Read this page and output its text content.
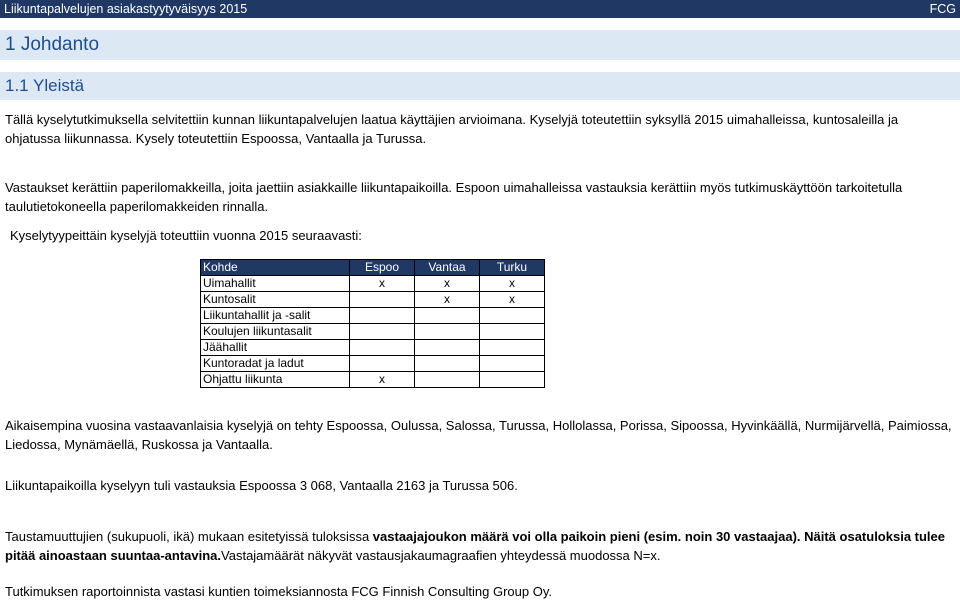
Liikuntapalvelujen asiakastyytyväisyys 2015	FCG
1 Johdanto
1.1 Yleistä
Tällä kyselytutkimuksella selvitettiin kunnan liikuntapalvelujen laatua käyttäjien arvioimana. Kyselyjä toteutettiin syksyllä 2015 uimahalleissa, kuntosaleilla ja ohjatussa liikunnassa. Kysely toteutettiin Espoossa, Vantaalla ja Turussa.
Vastaukset kerättiin paperilomakkeilla, joita jaettiin asiakkaille liikuntapaikoilla. Espoon uimahalleissa vastauksia kerättiin myös tutkimuskäyttöön tarkoitetulla taulutietokoneella paperilomakkeiden rinnalla.
Kyselytyypeittäin kyselyjä toteuttiin vuonna 2015 seuraavasti:
Kohde	Espoo	Vantaa	Turku
Uimahallit	x	x	x
Kuntosalit		x	x
Liikuntahallit ja -salit			
Koulujen liikuntasalit			
Jäähallit			
Kuntoradat ja ladut			
Ohjattu liikunta	x		
Aikaisempina vuosina vastaavanlaisia kyselyjä on tehty Espoossa, Oulussa, Salossa, Turussa, Hollolassa, Porissa, Sipoossa, Hyvinkäällä, Nurmijärvellä, Paimiossa, Liedossa, Mynämäellä, Ruskossa ja Vantaalla.
Liikuntapaikoilla kyselyyn tuli vastauksia Espoossa 3 068, Vantaalla 2163 ja Turussa 506.
Taustamuuttujien (sukupuoli, ikä) mukaan esitetyissä tuloksissa vastaajajoukon määrä voi olla paikoin pieni (esim. noin 30 vastaajaa). Näitä osatuloksia tulee pitää ainoastaan suuntaa-antavina.Vastajamäärät näkyvät vastausjakaumagraafien yhteydessä muodossa N=x.
Tutkimuksen raportoinnista vastasi kuntien toimeksiannosta FCG Finnish Consulting Group Oy.
